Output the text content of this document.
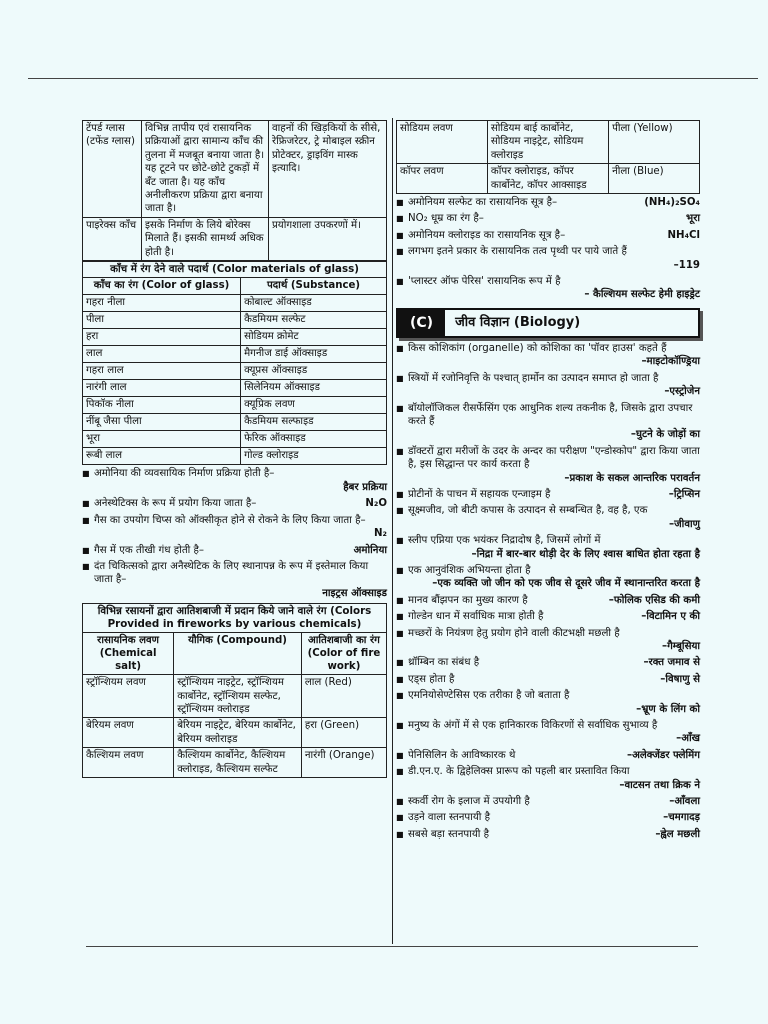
टेंपर्ड ग्लास (टफेंड ग्लास)	विभिन्न तापीय एवं रासायनिक प्रक्रियाओं द्वारा सामान्य काँच की तुलना में मजबूत बनाया जाता है। यह टूटने पर छोटे-छोटे टुकड़ों में बँट जाता है। यह काँच अनीलीकरण प्रक्रिया द्वारा बनाया जाता है।	वाहनों की खिड़कियों के सीसे, रेफ्रिजरेटर, ट्रे मोबाइल स्क्रीन प्रोटेक्टर, ड्राइविंग मास्क इत्यादि।
पाइरेक्स काँच	इसके निर्माण के लिये बोरेक्स मिलाते हैं। इसकी सामर्थ्य अधिक होती है।	प्रयोगशाला उपकरणों में।
काँच में रंग देने वाले पदार्थ (Color materials of glass)
काँच का रंग (Color of glass)	पदार्थ (Substance)
गहरा नीला	कोबाल्ट ऑक्साइड
पीला	कैडमियम सल्फेट
हरा	सोडियम क्रोमेट
लाल	मैगनीज डाई ऑक्साइड
गहरा लाल	क्यूप्रस ऑक्साइड
नारंगी लाल	सिलेनियम ऑक्साइड
पिकॉक नीला	क्यूप्रिक लवण
नींबू जैसा पीला	कैडमियम सल्फाइड
भूरा	फेरिक ऑक्साइड
रूबी लाल	गोल्ड क्लोराइड
■ अमोनिया की व्यवसायिक निर्माण प्रक्रिया होती है–
हैबर प्रक्रिया
■ अनेस्थेटिक्स के रूप में प्रयोग किया जाता है–	N₂O
■ गैस का उपयोग चिप्स को ऑक्सीकृत होने से रोकने के लिए किया जाता है–
N₂
■ गैस में एक तीखी गंध होती है–	अमोनिया
■ दंत चिकित्सको द्वारा अनैस्थेटिक के लिए स्थानापन्न के रूप में इस्तेमाल किया जाता है–
नाइट्रस ऑक्साइड
विभिन्न रसायनों द्वारा आतिशबाजी में प्रदान किये जाने वाले रंग (Colors Provided in fireworks by various chemicals)
रासायनिक लवण (Chemical salt)	यौगिक (Compound)	आतिशबाजी का रंग (Color of fire work)
स्ट्रॉन्शियम लवण	स्ट्रॉन्शियम नाइट्रेट, स्ट्रॉन्शियम कार्बोनेट, स्ट्रॉन्शियम सल्फेट, स्ट्रॉन्शियम क्लोराइड	लाल (Red)
बेरियम लवण	बेरियम नाइट्रेट, बेरियम कार्बोनेट, बेरियम क्लोराइड	हरा (Green)
कैल्शियम लवण	कैल्शियम कार्बोनेट, कैल्शियम क्लोराइड, कैल्शियम सल्फेट	नारंगी (Orange)
सोडियम लवण	सोडियम बाई कार्बोनेट, सोडियम नाइट्रेट, सोडियम क्लोराइड	पीला (Yellow)
कॉपर लवण	कॉपर क्लोराइड, कॉपर कार्बोनेट, कॉपर आक्साइड	नीला (Blue)
■ अमोनियम सल्फेट का रासायनिक सूत्र है–	(NH₄)₂SO₄
■ NO₂ धूम्र का रंग है–	भूरा
■ अमोनियम क्लोराइड का रासायनिक सूत्र है–	NH₄Cl
■ लगभग इतने प्रकार के रासायनिक तत्व पृथ्वी पर पाये जाते हैं
–119
■ 'प्लास्टर ऑफ पेरिस' रासायनिक रूप में है
– कैल्शियम सल्फेट हेमी हाइड्रेट
(C)	जीव विज्ञान (Biology)
■ किस कोशिकांग (organelle) को कोशिका का 'पॉवर हाउस' कहते हैं
–माइटोकॉण्ड्रिया
■ स्त्रियों में रजोनिवृत्ति के पश्चात् हार्मोन का उत्पादन समाप्त हो जाता है
–एस्ट्रोजेन
■ बॉयोलॉजिकल रीसर्फेसिंग एक आधुनिक शल्य तकनीक है, जिसके द्वारा उपचार करते हैं
–घुटने के जोड़ों का
■ डॉक्टरों द्वारा मरीजों के उदर के अन्दर का परीक्षण "एन्डोस्कोप" द्वारा किया जाता है, इस सिद्धान्त पर कार्य करता है
–प्रकाश के सकल आन्तरिक परावर्तन
■ प्रोटीनों के पाचन में सहायक एन्जाइम है	–ट्रिप्सिन
■ सूक्ष्मजीव, जो बीटी कपास के उत्पादन से सम्बन्धित है, वह है, एक
–जीवाणु
■ स्लीप एप्निया एक भयंकर निद्रादोष है, जिसमें लोगों में
–निद्रा में बार-बार थोड़ी देर के लिए श्वास बाधित होता रहता है
■ एक आनुवंशिक अभियन्ता होता है
–एक व्यक्ति जो जीन को एक जीव से दूसरे जीव में स्थानान्तरित करता है
■ मानव बौंझपन का मुख्य कारण है	–फोलिक एसिड की कमी
■ गोल्डेन धान में सर्वाधिक मात्रा होती है	–विटामिन ए की
■ मच्छरों के नियंत्रण हेतु प्रयोग होने वाली कीटभक्षी मछली है
–गैम्बूसिया
■ थ्रॉम्बिन का संबंध है	–रक्त जमाव से
■ एड्स होता है	–विषाणु से
■ एमनियोसेण्टेसिस एक तरीका है जो बताता है
–भ्रूण के लिंग को
■ मनुष्य के अंगों में से एक हानिकारक विकिरणों से सर्वाधिक सुभाव्य है
–आँख
■ पेनिसिलिन के आविष्कारक थे	–अलेक्जेंडर फ्लेमिंग
■ डी.एन.ए. के द्विहेलिक्स प्रारूप को पहली बार प्रस्तावित किया
–वाटसन तथा क्रिक ने
■ स्कर्वी रोग के इलाज में उपयोगी है	–आँवला
■ उड़ने वाला स्तनपायी है	–चमगादड़
■ सबसे बड़ा स्तनपायी है	–ह्वेल मछली
